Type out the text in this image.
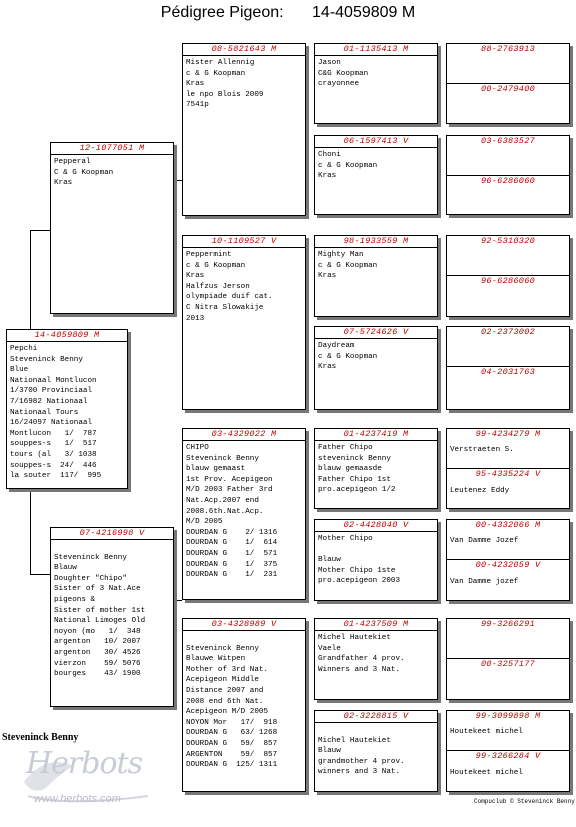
Pédigree Pigeon: 14-4059809 M
14-4059809 M
Pepchi
Steveninck Benny
Blue
Nationaal Montlucon
1/3700 Provinciaal
7/16982 Nationaal
Nationaal Tours
16/24097 Nationaal
Montlucon   1/  787
souppes-s   1/  517
tours (al   3/ 1038
souppes-s  24/  446
la souter  117/  995
12-1077051 M
Pepperal
C & G Koopman
Kras
07-4216998 V

Steveninck Benny
Blauw
Doughter "Chipo"
Sister of 3 Nat.Ace
pigeons &
Sister of mother 1st
National Limoges Old
noyon (mo   1/  348
argenton   10/ 2007
argenton   30/ 4526
vierzon    59/ 5076
bourges    43/ 1900
08-5821643 M
Mister Allennig
c & G Koopman
Kras
le npo Blois 2009
7541p
10-1109527 V
Peppermint
c & G Koopman
Kras
Halfzus Jerson
olympiade duif cat.
C Nitra Slowakije
2013
03-4329022 M
CHIPO
Steveninck Benny
blauw gemaast
1st Prov. Acepigeon
M/D 2003 Father 3rd
Nat.Acp.2007 end
2008.6th.Nat.Acp.
M/D 2005
DOURDAN G    2/ 1316
DOURDAN G    1/  614
DOURDAN G    1/  571
DOURDAN G    1/  375
DOURDAN G    1/  231
03-4328989 V

Steveninck Benny
Blauwe Witpen
Mother of 3rd Nat.
Acepigeon Middle
Distance 2007 and
2008 end 6th Nat.
Acepigeon M/D 2005
NOYON Mor   17/  918
DOURDAN G   63/ 1268
DOURDAN G   59/  857
ARGENTON    59/  857
DOURDAN G  125/ 1311
01-1135413 M
Jason
C&G Koopman
crayonnee
06-1597413 V
Choni
c & G Koopman
Kras
98-1933559 M
Mighty Man
c & G Koopman
Kras
07-5724626 V
Daydream
c & G Koopman
Kras
01-4237419 M
Father Chipo
steveninck Benny
blauw gemaasde
Father Chipo 1st
pro.acepigeon 1/2
02-4428040 V
Mother Chipo

Blauw
Mother Chipo 1ste
pro.acepigeon 2003
01-4237509 M
Michel Hautekiet
Vaele
Grandfather 4 prov.
Winners and 3 Nat.
02-3228815 V

Michel Hautekiet
Blauw
grandmother 4 prov.
winners and 3 Nat.
88-2763913
00-2479400
03-6383527
96-6286060
92-5310320
96-6286060
02-2373002
04-2031763
99-4234279 M
Verstraeten S.
95-4335224 V
Leutenez Eddy
00-4332066 M
Van Damme Jozef
00-4232059 V
Van Damme jozef
99-3266291
00-3257177
99-3099898 M
Houtekeet michel
99-3266284 V
Houtekeet michel
Steveninck Benny
Herbots
www.herbots.com	Compuclub © Steveninck Benny
